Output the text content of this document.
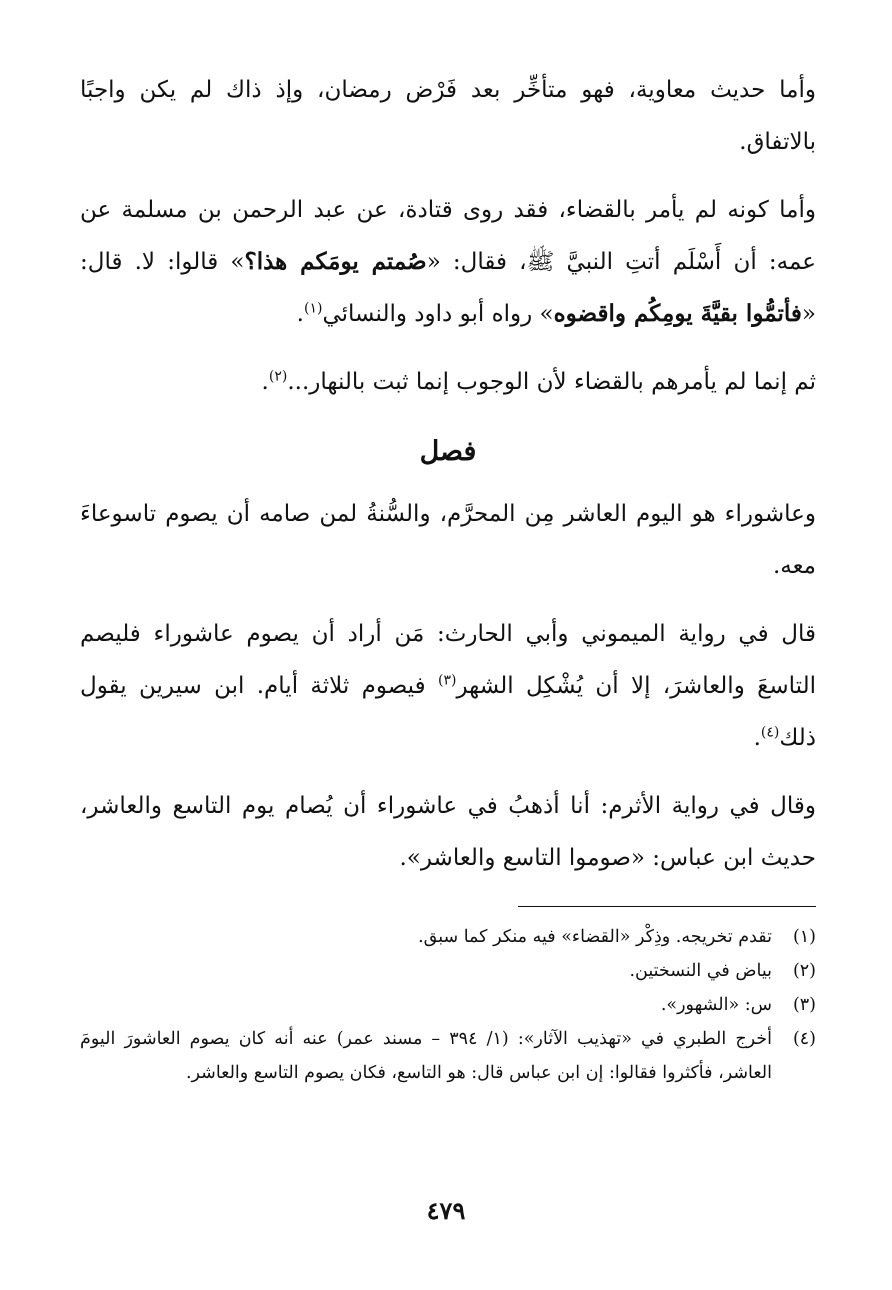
وأما حديث معاوية، فهو متأخِّر بعد فَرْض رمضان، وإذ ذاك لم يكن واجبًا بالاتفاق.

وأما كونه لم يأمر بالقضاء، فقد روى قتادة، عن عبد الرحمن بن مسلمة عن عمه: أن أَسْلَم أتتِ النبيَّ ﷺ، فقال: «صُمتم يومَكم هذا؟» قالوا: لا. قال: «فأتمُّوا بقيَّةَ يومِكُم واقضوه» رواه أبو داود والنسائي$^{(١)}$.

ثم إنما لم يأمرهم بالقضاء لأن الوجوب إنما ثبت بالنهار...$^{(٢)}$.

فصل

وعاشوراء هو اليوم العاشر مِن المحرَّم، والسُّنةُ لمن صامه أن يصوم تاسوعاءَ معه.

قال في رواية الميموني وأبي الحارث: مَن أراد أن يصوم عاشوراء فليصم التاسعَ والعاشرَ، إلا أن يُشْكِل الشهر$^{(٣)}$ فيصوم ثلاثة أيام. ابن سيرين يقول ذلك$^{(٤)}$.

وقال في رواية الأثرم: أنا أذهبُ في عاشوراء أن يُصام يوم التاسع والعاشر، حديث ابن عباس: «صوموا التاسع والعاشر».

(١)
تقدم تخريجه. وذِكْر «القضاء» فيه منكر كما سبق.
(٢)
بياض في النسختين.
(٣)
س: «الشهور».
(٤)
أخرج الطبري في «تهذيب الآثار»: (١/ ٣٩٤ – مسند عمر) عنه أنه كان يصوم العاشورَ اليومَ العاشر، فأكثروا فقالوا: إن ابن عباس قال: هو التاسع، فكان يصوم التاسع والعاشر.
٤٧٩
